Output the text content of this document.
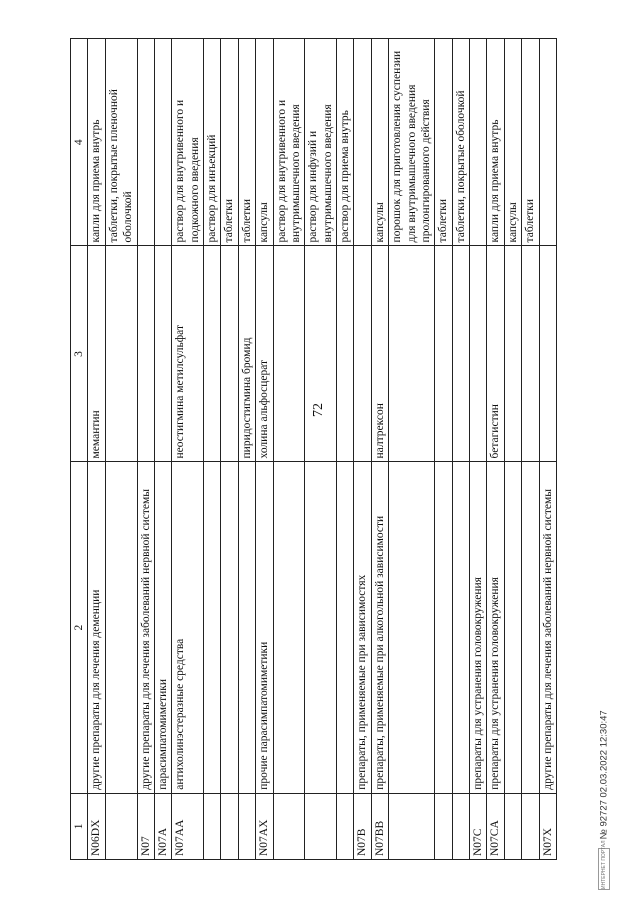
72
1	2	3	4
N06DX	другие препараты для лечения деменции	мемантин	капли для приема внутрь
			таблетки, покрытые пленочной оболочкой
N07	другие препараты для лечения заболеваний нервной системы		
N07A	парасимпатомиметики		
N07AA	антихолинэстеразные средства	неостигмина метилсульфат	раствор для внутривенного и подкожного введения
			раствор для инъекций
			таблетки
		пиридостигмина бромид	таблетки
N07AX	прочие парасимпатомиметики	холина альфосцерат	капсулы
			раствор для внутривенного и внутримышечного введения
			раствор для инфузий и внутримышечного введения
			раствор для приема внутрь
N07B	препараты, применяемые при зависимостях		
N07BB	препараты, применяемые при алкогольной зависимости	налтрексон	капсулы
			порошок для приготовления суспензии для внутримышечного введения пролонгированного действия
			таблетки
			таблетки, покрытые оболочкой
N07C	препараты для устранения головокружения		
N07CA	препараты для устранения головокружения	бетагистин	капли для приема внутрь
			капсулы
			таблетки
N07X	другие препараты для лечения заболеваний нервной системы		
ИНТЕРНЕТ ПОРТАЛ № 92727 02.03.2022 12:30:47
